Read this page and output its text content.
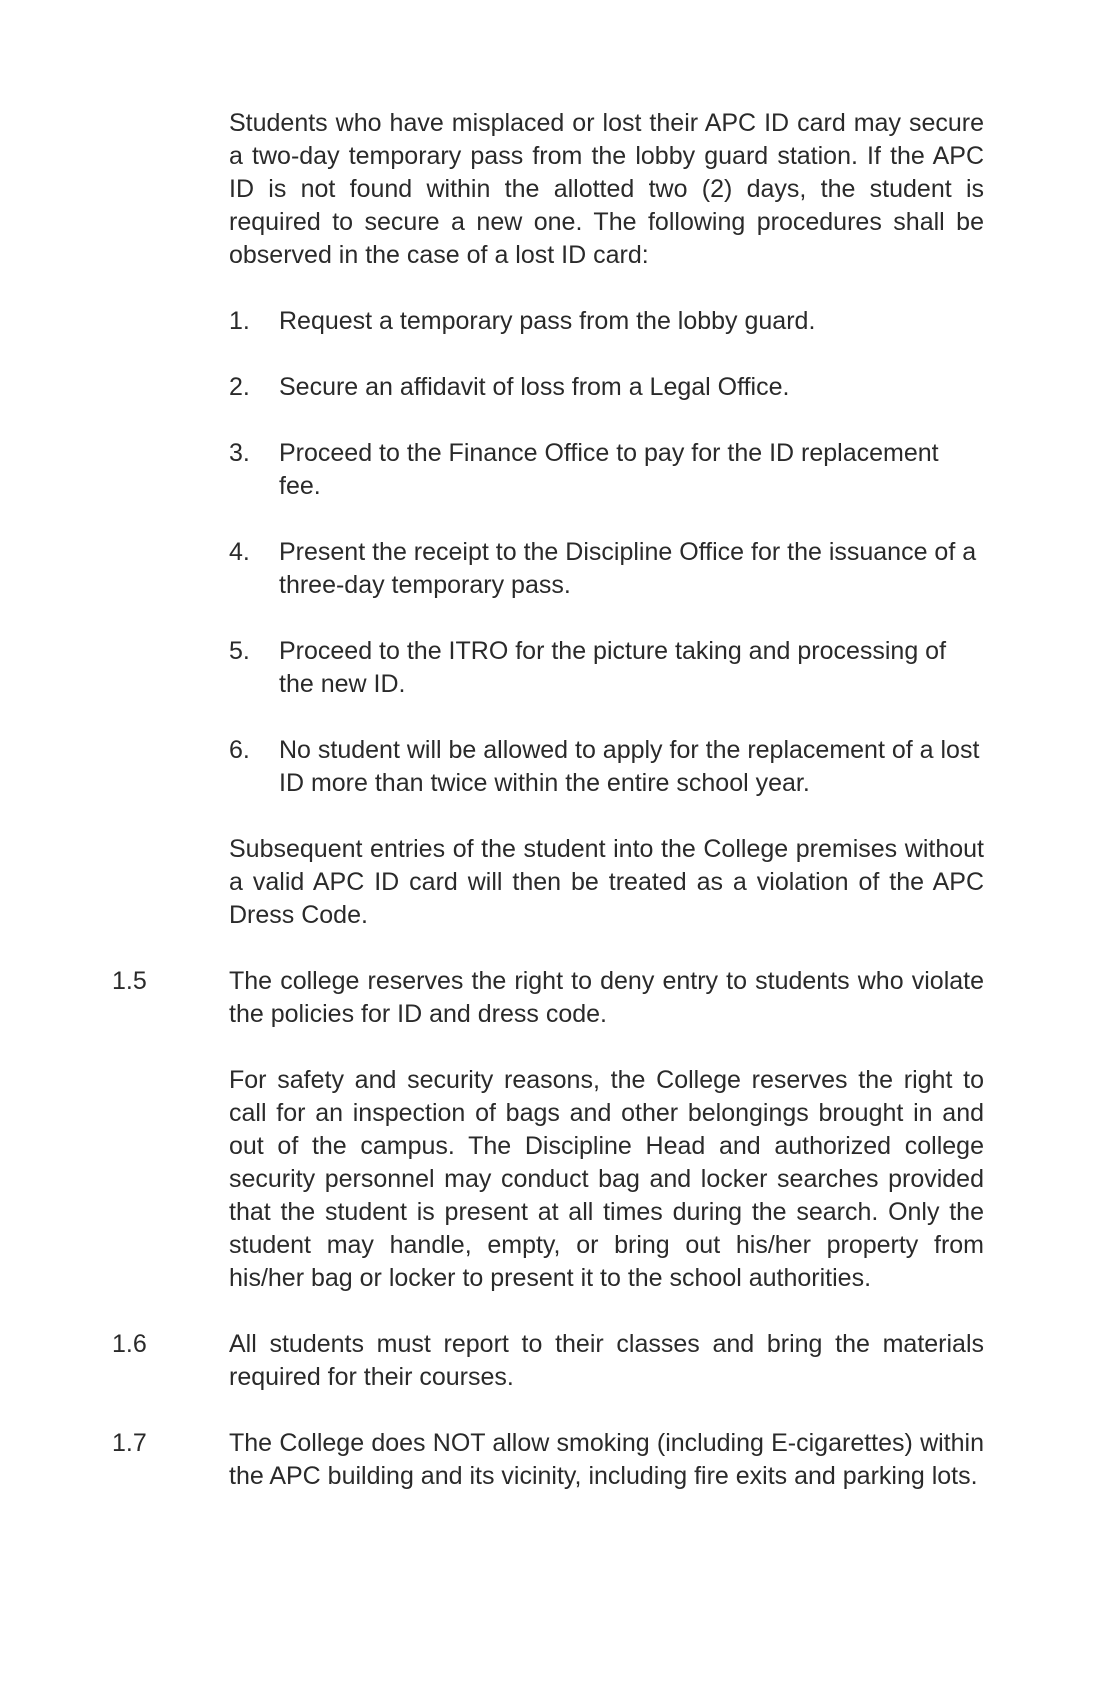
Students who have misplaced or lost their APC ID card may secure a two-day temporary pass from the lobby guard station. If the APC ID is not found within the allotted two (2) days, the student is required to secure a new one. The following procedures shall be observed in the case of a lost ID card:

1.	Request a temporary pass from the lobby guard.
2.	Secure an affidavit of loss from a Legal Office.
3.	Proceed to the Finance Office to pay for the ID replacement fee.
4.	Present the receipt to the Discipline Office for the issuance of a three-day temporary pass.
5.	Proceed to the ITRO for the picture taking and processing of the new ID.
6.	No student will be allowed to apply for the replacement of a lost ID more than twice within the entire school year.

Subsequent entries of the student into the College premises without a valid APC ID card will then be treated as a violation of the APC Dress Code.

1.5	The college reserves the right to deny entry to students who violate the policies for ID and dress code.

For safety and security reasons, the College reserves the right to call for an inspection of bags and other belongings brought in and out of the campus. The Discipline Head and authorized college security personnel may conduct bag and locker searches provided that the student is present at all times during the search. Only the student may handle, empty, or bring out his/her property from his/her bag or locker to present it to the school authorities.

1.6	All students must report to their classes and bring the materials required for their courses.

1.7	The College does NOT allow smoking (including E-cigarettes) within the APC building and its vicinity, including fire exits and parking lots.
